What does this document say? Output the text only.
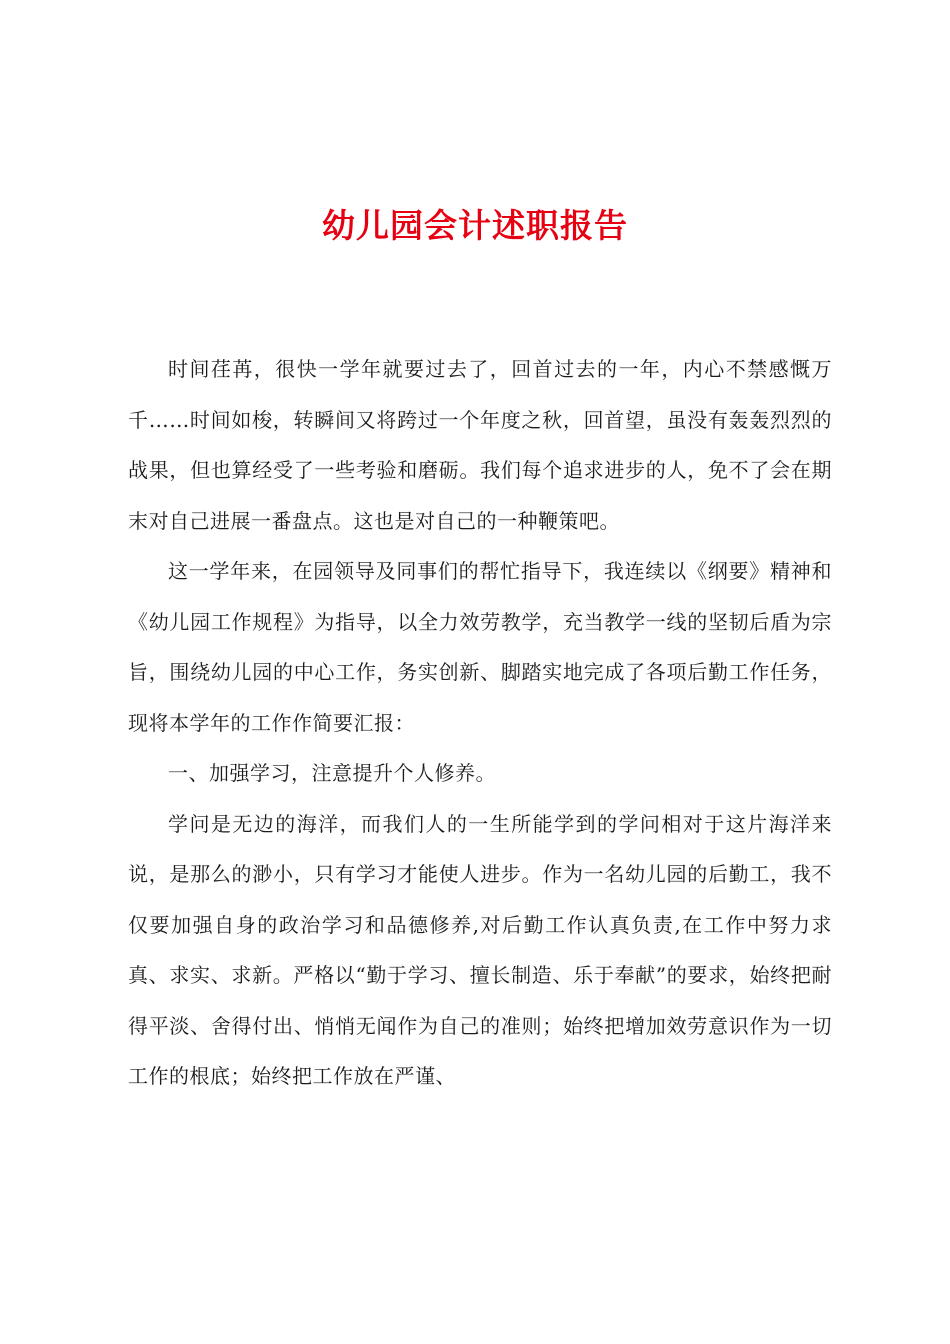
幼儿园会计述职报告

时间荏苒，很快一学年就要过去了，回首过去的一年，内心不禁感慨万千……时间如梭，转瞬间又将跨过一个年度之秋，回首望，虽没有轰轰烈烈的战果，但也算经受了一些考验和磨砺。我们每个追求进步的人，免不了会在期末对自己进展一番盘点。这也是对自己的一种鞭策吧。

这一学年来，在园领导及同事们的帮忙指导下，我连续以《纲要》精神和《幼儿园工作规程》为指导，以全力效劳教学，充当教学一线的坚韧后盾为宗旨，围绕幼儿园的中心工作，务实创新、脚踏实地完成了各项后勤工作任务，现将本学年的工作作简要汇报：

一、加强学习，注意提升个人修养。

学问是无边的海洋，而我们人的一生所能学到的学问相对于这片海洋来说，是那么的渺小，只有学习才能使人进步。作为一名幼儿园的后勤工，我不仅要加强自身的政治学习和品德修养,对后勤工作认真负责,在工作中努力求真、求实、求新。严格以“勤于学习、擅长制造、乐于奉献”的要求，始终把耐得平淡、舍得付出、悄悄无闻作为自己的准则；始终把增加效劳意识作为一切工作的根底；始终把工作放在严谨、
